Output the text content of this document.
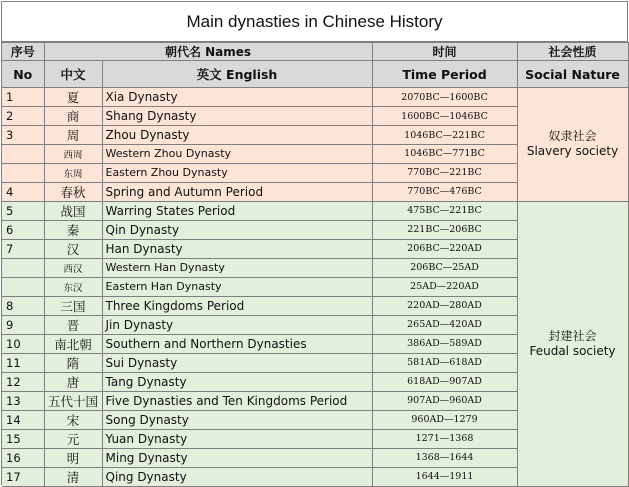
Main dynasties in Chinese History
序号	朝代名 Names		时间	社会性质
No	中文	英文 English	Time Period	Social Nature
1	夏	Xia Dynasty	2070BC—1600BC	奴隶社会
Slavery society

2	商	Shang Dynasty	1600BC—1046BC	
3	周	Zhou Dynasty	1046BC—221BC	
	西周	Western Zhou Dynasty	1046BC—771BC	
	东周	Eastern Zhou Dynasty	770BC—221BC	
4	春秋	Spring and Autumn Period	770BC—476BC	
5	战国	Warring States Period	475BC—221BC	封建社会
Feudal society

6	秦	Qin Dynasty	221BC—206BC	
7	汉	Han Dynasty	206BC—220AD	
	西汉	Western Han Dynasty	206BC—25AD	
	东汉	Eastern Han Dynasty	25AD—220AD	
8	三国	Three Kingdoms Period	220AD—280AD	
9	晋	Jin Dynasty	265AD—420AD	
10	南北朝	Southern and Northern Dynasties	386AD—589AD	
11	隋	Sui Dynasty	581AD—618AD	
12	唐	Tang Dynasty	618AD—907AD	
13	五代十国	Five Dynasties and Ten Kingdoms Period	907AD—960AD	
14	宋	Song Dynasty	960AD—1279	
15	元	Yuan Dynasty	1271—1368	
16	明	Ming Dynasty	1368—1644	
17	清	Qing Dynasty	1644—1911	
